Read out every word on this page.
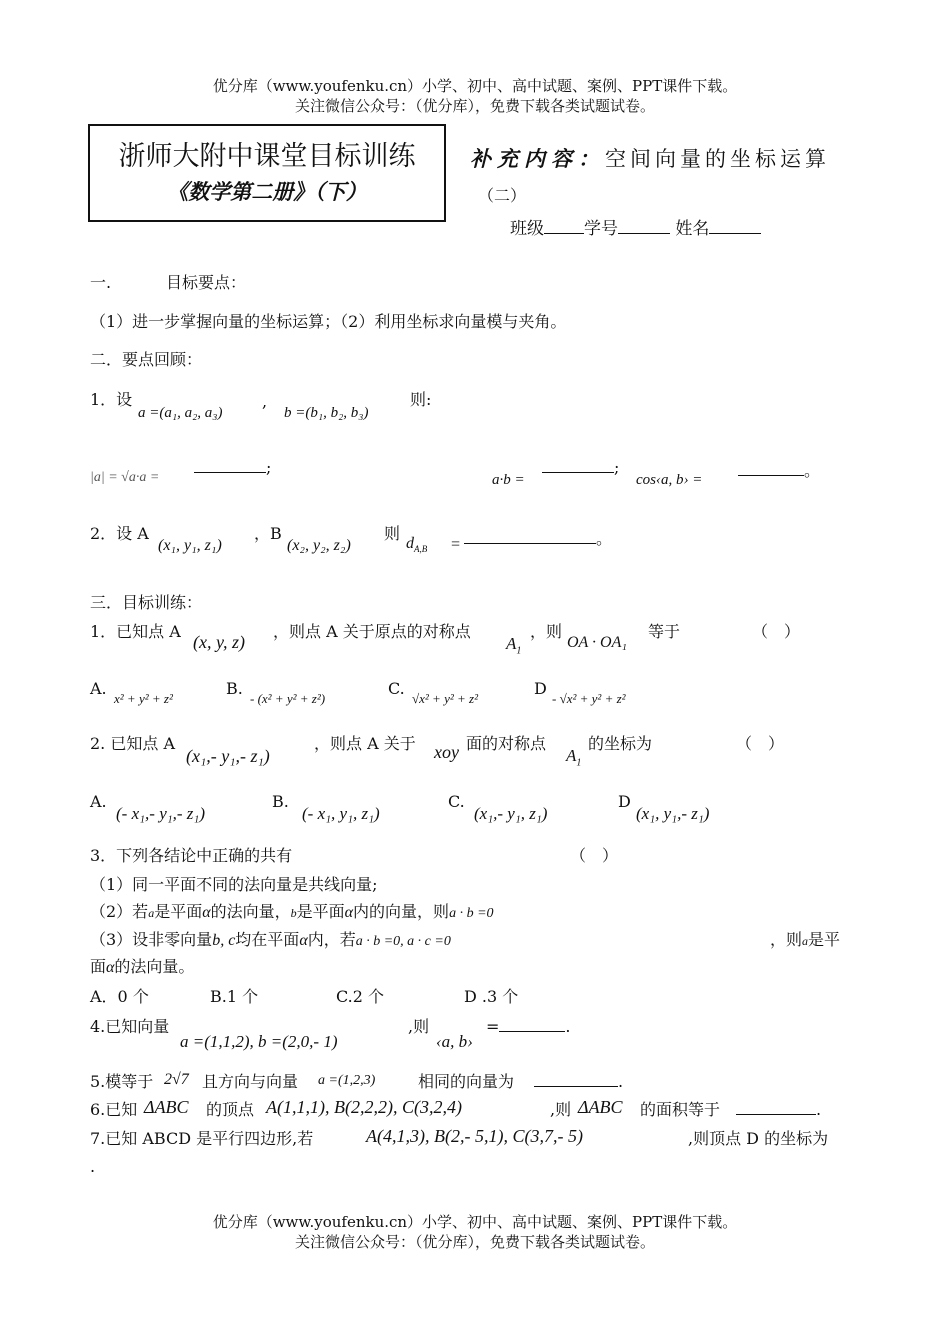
优分库（www.youfenku.cn）小学、初中、高中试题、案例、PPT课件下载。
关注微信公众号：（优分库），免费下载各类试题试卷。
浙师大附中课堂目标训练
《数学第二册》（下）
补充内容：空间向量的坐标运算
（二）
班级 学号	姓名
一.	目标要点：
（1）进一步掌握向量的坐标运算；（2）利用坐标求向量模与夹角。
二．要点回顾：
1．设
a =(a₁, a₂, a₃)
,
b =(b₁, b₂, b₃)
则:
|a| = √a·a =
;
a·b =
;
cos‹a, b› =	。
2．设 A
(x₁, y₁, z₁)
，B
(x₂, y₂, z₂)
则
$d_{A,B}$ =	。
三．目标训练：
1．已知点 A
(x, y, z)
，则点 A 关于原点的对称点
$A_1$
，则
OA · OA₁
等于	（　）
A.
x² + y² + z²
B.
- (x² + y² + z²)
C.
√x² + y² + z²
D
- √x² + y² + z²
2. 已知点 A
(x₁,- y₁,- z₁)
，则点 A 关于 xoy 面的对称点
$A_1$
的坐标为	（　）
A.
(- x₁,- y₁,- z₁)
B.
(- x₁, y₁, z₁)
C.
(x₁,- y₁, z₁)
D
(x₁, y₁,- z₁)
3．下列各结论中正确的共有	（　）
（1）同一平面不同的法向量是共线向量;
（2）若a是平面α的法向量，b是平面α内的向量，则a · b =0
（3）设非零向量b, c均在平面α内，若a · b =0, a · c =0	，则a是平
面α的法向量。
A．0 个	B.1 个	C.2 个	D .3 个
4.已知向量
a =(1,1,2), b =(2,0,- 1)
,则
‹a, b›
=	.
5.模等于 2√7 且方向与向量 a =(1,2,3)	相同的向量为	.
6.已知 ΔABC 的顶点 A(1,1,1), B(2,2,2), C(3,2,4)	,则 ΔABC 的面积等于	.
7.已知 ABCD 是平行四边形,若	A(4,1,3), B(2,- 5,1), C(3,7,- 5)	,则顶点 D 的坐标为
.
优分库（www.youfenku.cn）小学、初中、高中试题、案例、PPT课件下载。
关注微信公众号：（优分库），免费下载各类试题试卷。
